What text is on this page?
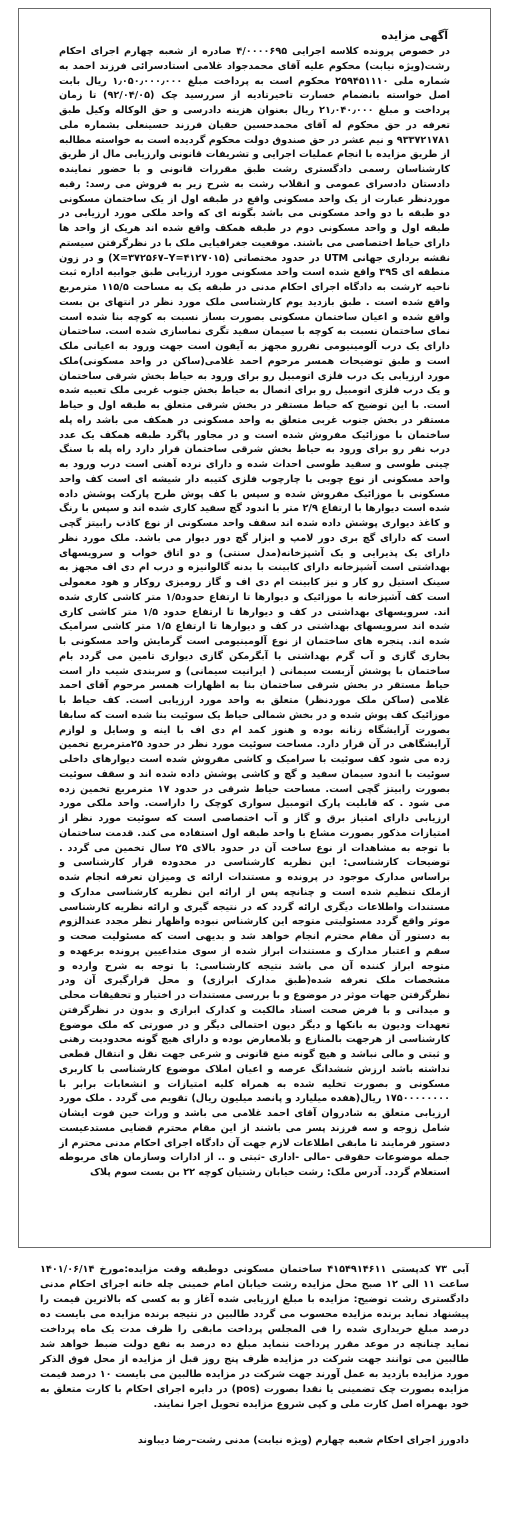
آگهی مزایده

در خصوص پرونده کلاسه اجرایی ۴/۰۰۰۰۶۹۵ صادره از شعبه چهارم اجرای احکام رشت(ویژه نیابت) محکوم علیه آقای محمدجواد غلامی استادسرائی فرزند احمد به شماره ملی ۲۵۹۴۵۱۱۱۰ محکوم است به پرداخت مبلغ ۱٫۰۵۰٫۰۰۰٫۰۰۰ ریال بابت اصل خواسته بانضمام خسارت تاخیرتادیه از سررسید چک (۹۲/۰۴/۰۵) تا زمان پرداخت و مبلغ ۲۱٫۰۴۰٫۰۰۰ ریال بعنوان هزینه دادرسی و حق الوکاله وکیل طبق تعرفه در حق محکوم له آقای محمدحسین حقیان فرزند حسینعلی بشماره ملی ۹۳۳۷۲۱۷۸۱ و نیم عشر در حق صندوق دولت محکوم گردیده است به خواسته مطالبه از طریق مزایده با انجام عملیات اجرایی و تشریفات قانونی وارزیابی مال از طریق کارشناسان رسمی دادگستری رشت طبق مقررات قانونی و با حضور نماینده دادستان دادسرای عمومی و انقلاب رشت به شرح زیر به فروش می رسد: رقبه موردنظر عبارت از یک واحد مسکونی واقع در طبقه اول از یک ساختمان مسکونی دو طبقه با دو واحد مسکونی می باشد بگونه ای که واحد ملکی مورد ارزیابی در طبقه اول و واحد مسکونی دوم در طبقه همکف واقع شده اند هریک از واحد ها دارای حیاط اختصاصی می باشند. موقعیت جغرافیایی ملک با در نظرگرفتن سیستم نقشه برداری جهانی UTM در حدود مختصاتی (X=۳۷۲۵۶۷–Y=۴۱۲۷۰۱۵) و در زون منطقه ای ۳۹S واقع شده است واحد مسکونی مورد ارزیابی طبق جوابیه اداره ثبت ناحیه ۲رشت به دادگاه اجرای احکام مدنی در طبقه یک به مساحت ۱۱۵/۵ مترمربع واقع شده است . طبق بازدید یوم کارشناسی ملک مورد نظر در انتهای بن بست واقع شده و اعیان ساختمان مسکونی بصورت بساز نسبت به کوچه بنا شده است نمای ساختمان نسبت به کوچه با سیمان سفید تگری نماسازی شده است. ساختمان دارای یک درب آلومینیومی نفررو مجهز به آیفون است جهت ورود به اعیانی ملک است و طبق توضیحات همسر مرحوم احمد غلامی(ساکن در واحد مسکونی)ملک مورد ارزیابی یک درب فلزی اتومبیل رو برای ورود به حیاط بخش شرقی ساختمان و یک درب فلزی اتومبیل رو برای اتصال به حیاط بخش جنوب غربی ملک تعبیه شده است. با این توضیح که حیاط مستقر در بخش شرقی متعلق به طبقه اول و حیاط مستقر در بخش جنوب غربی متعلق به واحد مسکونی در همکف می باشد راه پله ساختمان با موزائیک مفروش شده است و در مجاور پاگرد طبقه همکف یک عدد درب نفر رو برای ورود به حیاط بخش شرقی ساختمان قرار دارد راه پله با سنگ چینی طوسی و سفید طوسی احداث شده و دارای نرده آهنی است درب ورود به واحد مسکونی از نوع چوبی با چارچوب فلزی کتیبه دار شیشه ای است کف واحد مسکونی با موزائیک مفروش شده و سپس با کف پوش طرح پارکت پوشش داده شده است دیوارها با ارتفاع ۲/۹ متر با اندود گچ سفید کاری شده اند و سپس با رنگ و کاغذ دیواری پوشش داده شده اند سقف واحد مسکونی از نوع کاذب رابیتز گچی است که دارای گچ بری دور لامپ و ابزار گچ دور دیوار می باشد. ملک مورد نظر دارای یک پذیرایی و یک آشپزخانه(مدل سنتی) و دو اتاق خواب و سرویسهای بهداشتی است آشپزخانه دارای کابینت با بدنه گالوانیزه و درب ام دی اف مجهز به سینک استیل رو کار و نیز کابینت ام دی اف و گاز رومیزی روکار و هود معمولی است کف آشپزخانه با موزائیک و دیوارها تا ارتفاع حدود۱/۵ متر کاشی کاری شده اند. سرویسهای بهداشتی در کف و دیوارها تا ارتفاع حدود ۱/۵ متر کاشی کاری شده اند سرویسهای بهداشتی در کف و دیوارها تا ارتفاع ۱/۵ متر کاشی سرامیک شده اند. پنجره های ساختمان از نوع آلومینیومی است گرمایش واحد مسکونی با بخاری گازی و آب گرم بهداشتی با آبگرمکن گازی دیواری تامین می گردد بام ساختمان با پوشش آزبست سیمانی ( ایرانیت سیمانی) و سربندی شیب دار است حیاط مستقر در بخش شرقی ساختمان بنا به اظهارات همسر مرحوم آقای احمد غلامی (ساکن ملک موردنظر) متعلق به واحد مورد ارزیابی است. کف حیاط با موزائیک کف پوش شده و در بخش شمالی حیاط یک سوئیت بنا شده است که سابقا بصورت آرایشگاه زنانه بوده و هنوز کمد ام دی اف با اینه و وسایل و لوازم آرایشگاهی در آن قرار دارد. مساحت سوئیت مورد نظر در حدود ۲۵مترمربع تخمین زده می شود کف سوئیت با سرامیک و کاشی مفروش شده است دیوارهای داخلی سوئیت با اندود سیمان سفید و گچ و کاشی پوشش داده شده اند و سقف سوئیت بصورت رابیتز گچی است. مساحت حیاط شرقی در حدود ۱۷ مترمربع تخمین زده می شود . که قابلیت پارک اتومبیل سواری کوچک را داراست. واحد ملکی مورد ارزیابی دارای امتیاز برق و گاز و آب اختصاصی است که سوئیت مورد نظر از امتیازات مذکور بصورت مشاع با واحد طبقه اول استفاده می کند. قدمت ساختمان با توجه به مشاهدات از نوع ساخت آن در حدود بالای ۲۵ سال تخمین می گردد . توضیحات کارشناسی: این نظریه کارشناسی در محدوده قرار کارشناسی و براساس مدارک موجود در پرونده و مستندات ارائه ی ومیزان تعرفه انجام شده ازملک تنظیم شده است و چنانچه پس از ارائه این نظریه کارشناسی مدارک و مستندات واطلاعات دیگری ارائه گردد که در نتیجه گیری و ارائه نظریه کارشناسی موثر واقع گردد مسئولیتی متوجه این کارشناس نبوده واظهار نظر مجدد عندالزوم به دستور آن مقام محترم انجام خواهد شد و بدیهی است که مسئولیت صحت و سقم و اعتبار مدارک و مستندات ابراز شده از سوی متداعیین پرونده برعهده و متوجه ابراز کننده آن می باشد نتیجه کارشناسی: با توجه به شرح وارده و مشخصات ملک تعرفه شده(طبق مدارک ابرازی) و محل قرارگیری آن ودر نظرگرفتن جهات موثر در موضوع و با بررسی مستندات در اختیار و تحقیقات محلی و میدانی و با فرض صحت اسناد مالکیت و کدارک ابرازی و بدون در نظرگرفتن تعهدات ودیون به بانکها و دیگر دیون احتمالی دیگر و در صورتی که ملک موضوع کارشناسی از هرجهت بالمنازع و بلامعارض بوده و دارای هیچ گونه محدودیت رهنی و ثبتی و مالی نباشد و هیچ گونه منع قانونی و شرعی جهت نقل و انتقال قطعی نداشته باشد ارزش ششدانگ عرصه و اعیان املاک موضوع کارشناسی با کاربری مسکونی و بصورت تخلیه شده به همراه کلیه امتیازات و انشعابات برابر با ۱۷۵۰۰۰۰۰۰۰۰ ریال(هفده میلیارد و پانصد میلیون ریال) تقویم می گردد . ملک مورد ارزیابی متعلق به شادروان آقای احمد غلامی می باشد و وراث حین فوت ایشان شامل زوجه و سه فرزند پسر می باشند از این مقام محترم قضایی مستدعیست دستور فرمایند تا مابقی اطلاعات لازم جهت آن دادگاه اجرای احکام مدنی محترم از جمله موضوعات حقوقی -مالی -اداری -ثبتی و .. از ادارات وسازمان های مربوطه استعلام گردد. آدرس ملک: رشت خیابان رشتیان کوچه ۲۲ بن بست سوم پلاک

آبی ۷۳ کدپستی ۴۱۵۴۹۱۴۶۱۱ ساختمان مسکونی دوطبقه وقت مزایده:مورخ ۱۴۰۱/۰۶/۱۴ ساعت ۱۱ الی ۱۲ صبح محل مزایده رشت خیابان امام خمینی چله خانه اجرای احکام مدنی دادگستری رشت توضیح: مزایده با مبلغ ارزیابی شده آغاز و به کسی که بالاترین قیمت را پیشنهاد نماید برنده مزایده محسوب می گردد طالبین در نتیجه برنده مزایده می بایست ده درصد مبلغ خریداری شده را فی المجلس پرداخت مابقی را ظرف مدت یک ماه پرداخت نماید چنانچه در موعد مقرر پرداخت ننماید مبلغ ده درصد به نفع دولت ضبط خواهد شد طالبین می توانند جهت شرکت در مزایده ظرف پنج روز قبل از مزایده از محل فوق الذکر مورد مزایده بازدید به عمل آورند جهت شرکت در مزایده طالبین می بایست ۱۰ درصد قیمت مزایده بصورت چک تضمینی یا نقدا بصورت (pos) در دایره اجرای احکام با کارت متعلق به خود بهمراه اصل کارت ملی و کپی شروع مزایده تحویل اجرا نمایند.

دادورز اجرای احکام شعبه چهارم (ویژه نیابت) مدنی رشت–رضا دیباوند
